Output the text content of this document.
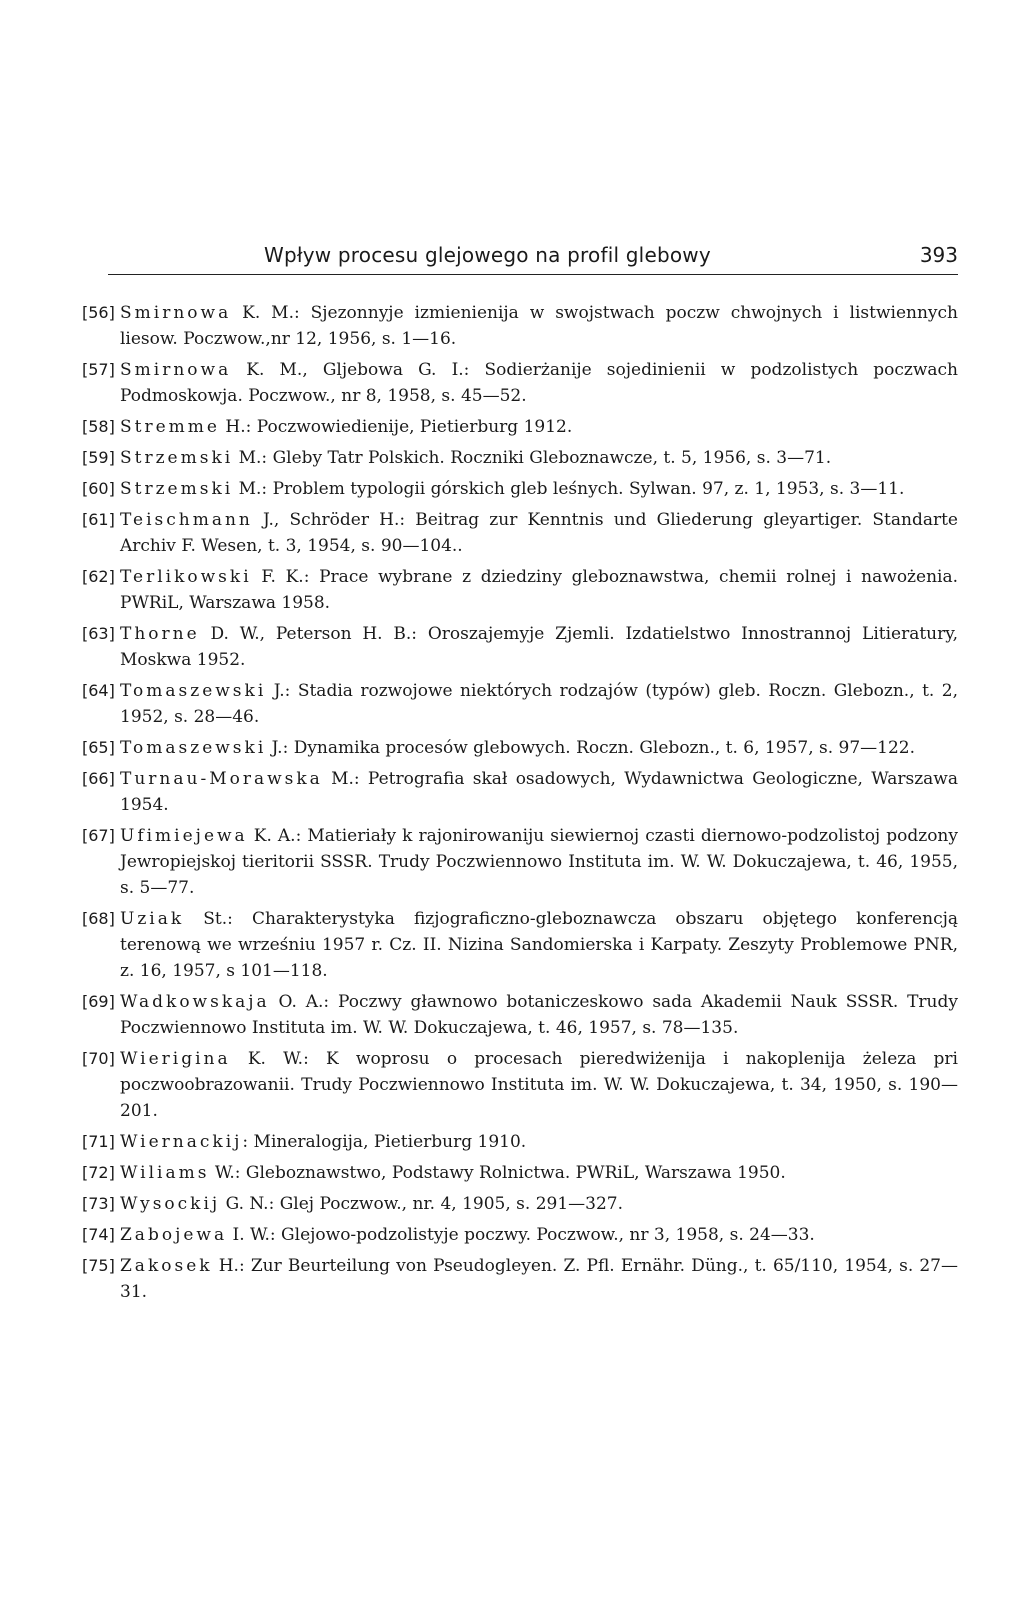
Wpływ procesu glejowego na profil glebowy	393
[56] Smirnowa K. M.: Sjezonnyje izmienienija w swojstwach poczw chwojnych i listwiennych liesow. Poczwow.,nr 12, 1956, s. 1—16.
[57] Smirnowa K. M., Gljebowa G. I.: Sodierżanije sojedinienii w podzolistych poczwach Podmoskowja. Poczwow., nr 8, 1958, s. 45—52.
[58] Stremme H.: Poczwowiedienije, Pietierburg 1912.
[59] Strzemski M.: Gleby Tatr Polskich. Roczniki Gleboznawcze, t. 5, 1956, s. 3—71.
[60] Strzemski M.: Problem typologii górskich gleb leśnych. Sylwan. 97, z. 1, 1953, s. 3—11.
[61] Teischmann J., Schröder H.: Beitrag zur Kenntnis und Gliederung gleyartiger. Standarte Archiv F. Wesen, t. 3, 1954, s. 90—104..
[62] Terlikowski F. K.: Prace wybrane z dziedziny gleboznawstwa, chemii rolnej i nawożenia. PWRiL, Warszawa 1958.
[63] Thorne D. W., Peterson H. B.: Oroszajemyje Zjemli. Izdatielstwo Innostrannoj Litieratury, Moskwa 1952.
[64] Tomaszewski J.: Stadia rozwojowe niektórych rodzajów (typów) gleb. Roczn. Glebozn., t. 2, 1952, s. 28—46.
[65] Tomaszewski J.: Dynamika procesów glebowych. Roczn. Glebozn., t. 6, 1957, s. 97—122.
[66] Turnau-Morawska M.: Petrografia skał osadowych, Wydawnictwa Geologiczne, Warszawa 1954.
[67] Ufimiejewa K. A.: Matieriały k rajonirowaniju siewiernoj czasti diernowo-podzolistoj podzony Jewropiejskoj tieritorii SSSR. Trudy Poczwiennowo Instituta im. W. W. Dokuczajewa, t. 46, 1955, s. 5—77.
[68] Uziak St.: Charakterystyka fizjograficzno-gleboznawcza obszaru objętego konferencją terenową we wrześniu 1957 r. Cz. II. Nizina Sandomierska i Karpaty. Zeszyty Problemowe PNR, z. 16, 1957, s 101—118.
[69] Wadkowskaja O. A.: Poczwy gławnowo botaniczeskowo sada Akademii Nauk SSSR. Trudy Poczwiennowo Instituta im. W. W. Dokuczajewa, t. 46, 1957, s. 78—135.
[70] Wierigina K. W.: K woprosu o procesach pieredwiżenija i nakoplenija żeleza pri poczwoobrazowanii. Trudy Poczwiennowo Instituta im. W. W. Dokuczajewa, t. 34, 1950, s. 190—201.
[71] Wiernackij: Mineralogija, Pietierburg 1910.
[72] Wiliams W.: Gleboznawstwo, Podstawy Rolnictwa. PWRiL, Warszawa 1950.
[73] Wysockij G. N.: Glej Poczwow., nr. 4, 1905, s. 291—327.
[74] Zabojewa I. W.: Glejowo-podzolistyje poczwy. Poczwow., nr 3, 1958, s. 24—33.
[75] Zakosek H.: Zur Beurteilung von Pseudogleyen. Z. Pfl. Ernähr. Düng., t. 65/110, 1954, s. 27—31.
